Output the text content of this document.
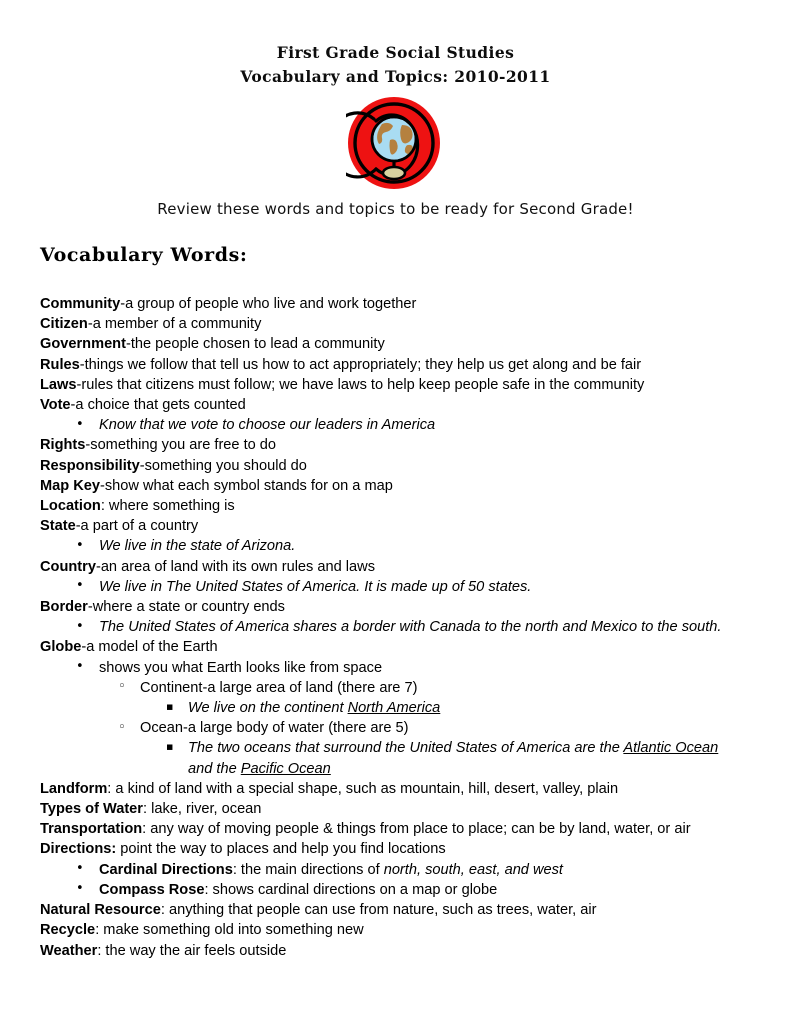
First Grade Social Studies
Vocabulary and Topics: 2010-2011
Review these words and topics to be ready for Second Grade!
Vocabulary Words:
Community-a group of people who live and work together
Citizen-a member of a community
Government-the people chosen to lead a community
Rules-things we follow that tell us how to act appropriately; they help us get along and be fair
Laws-rules that citizens must follow; we have laws to help keep people safe in the community
Vote-a choice that gets counted
• Know that we vote to choose our leaders in America
Rights-something you are free to do
Responsibility-something you should do
Map Key-show what each symbol stands for on a map
Location: where something is
State-a part of a country
• We live in the state of Arizona.
Country-an area of land with its own rules and laws
• We live in The United States of America. It is made up of 50 states.
Border-where a state or country ends
• The United States of America shares a border with Canada to the north and Mexico to the south.
Globe-a model of the Earth
• shows you what Earth looks like from space
◦ Continent-a large area of land (there are 7)
▪ We live on the continent North America
◦ Ocean-a large body of water (there are 5)
▪ The two oceans that surround the United States of America are the Atlantic Ocean and the Pacific Ocean
Landform: a kind of land with a special shape, such as mountain, hill, desert, valley, plain
Types of Water: lake, river, ocean
Transportation: any way of moving people & things from place to place; can be by land, water, or air
Directions: point the way to places and help you find locations
• Cardinal Directions: the main directions of north, south, east, and west
• Compass Rose: shows cardinal directions on a map or globe
Natural Resource: anything that people can use from nature, such as trees, water, air
Recycle: make something old into something new
Weather: the way the air feels outside
